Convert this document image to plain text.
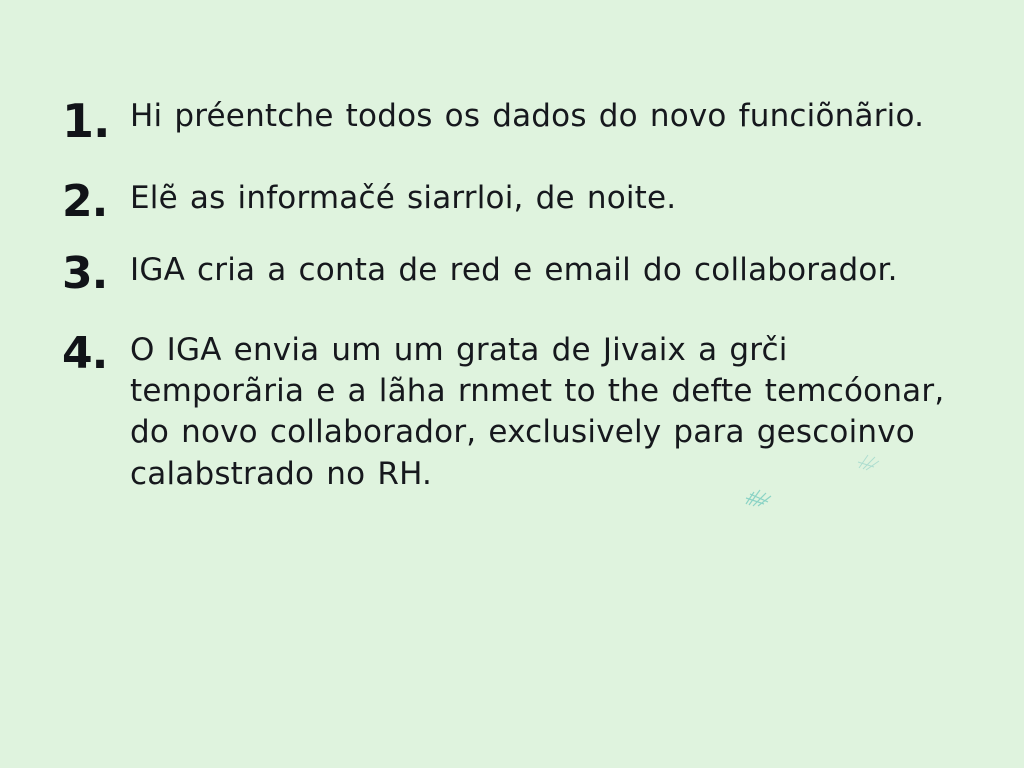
1. Hi préentche todos os dados do novo funciõnãrio.
2. Elẽ as informačé siarrloi, de noite.
3. IGA cria a conta de red e email do collaborador.
4. O IGA envia um um grata de Jivaix a grči temporãria e a lãha rnmet to the defte temcóonar, do novo collaborador, exclusively para gescoinvo calabstrado no RH.
